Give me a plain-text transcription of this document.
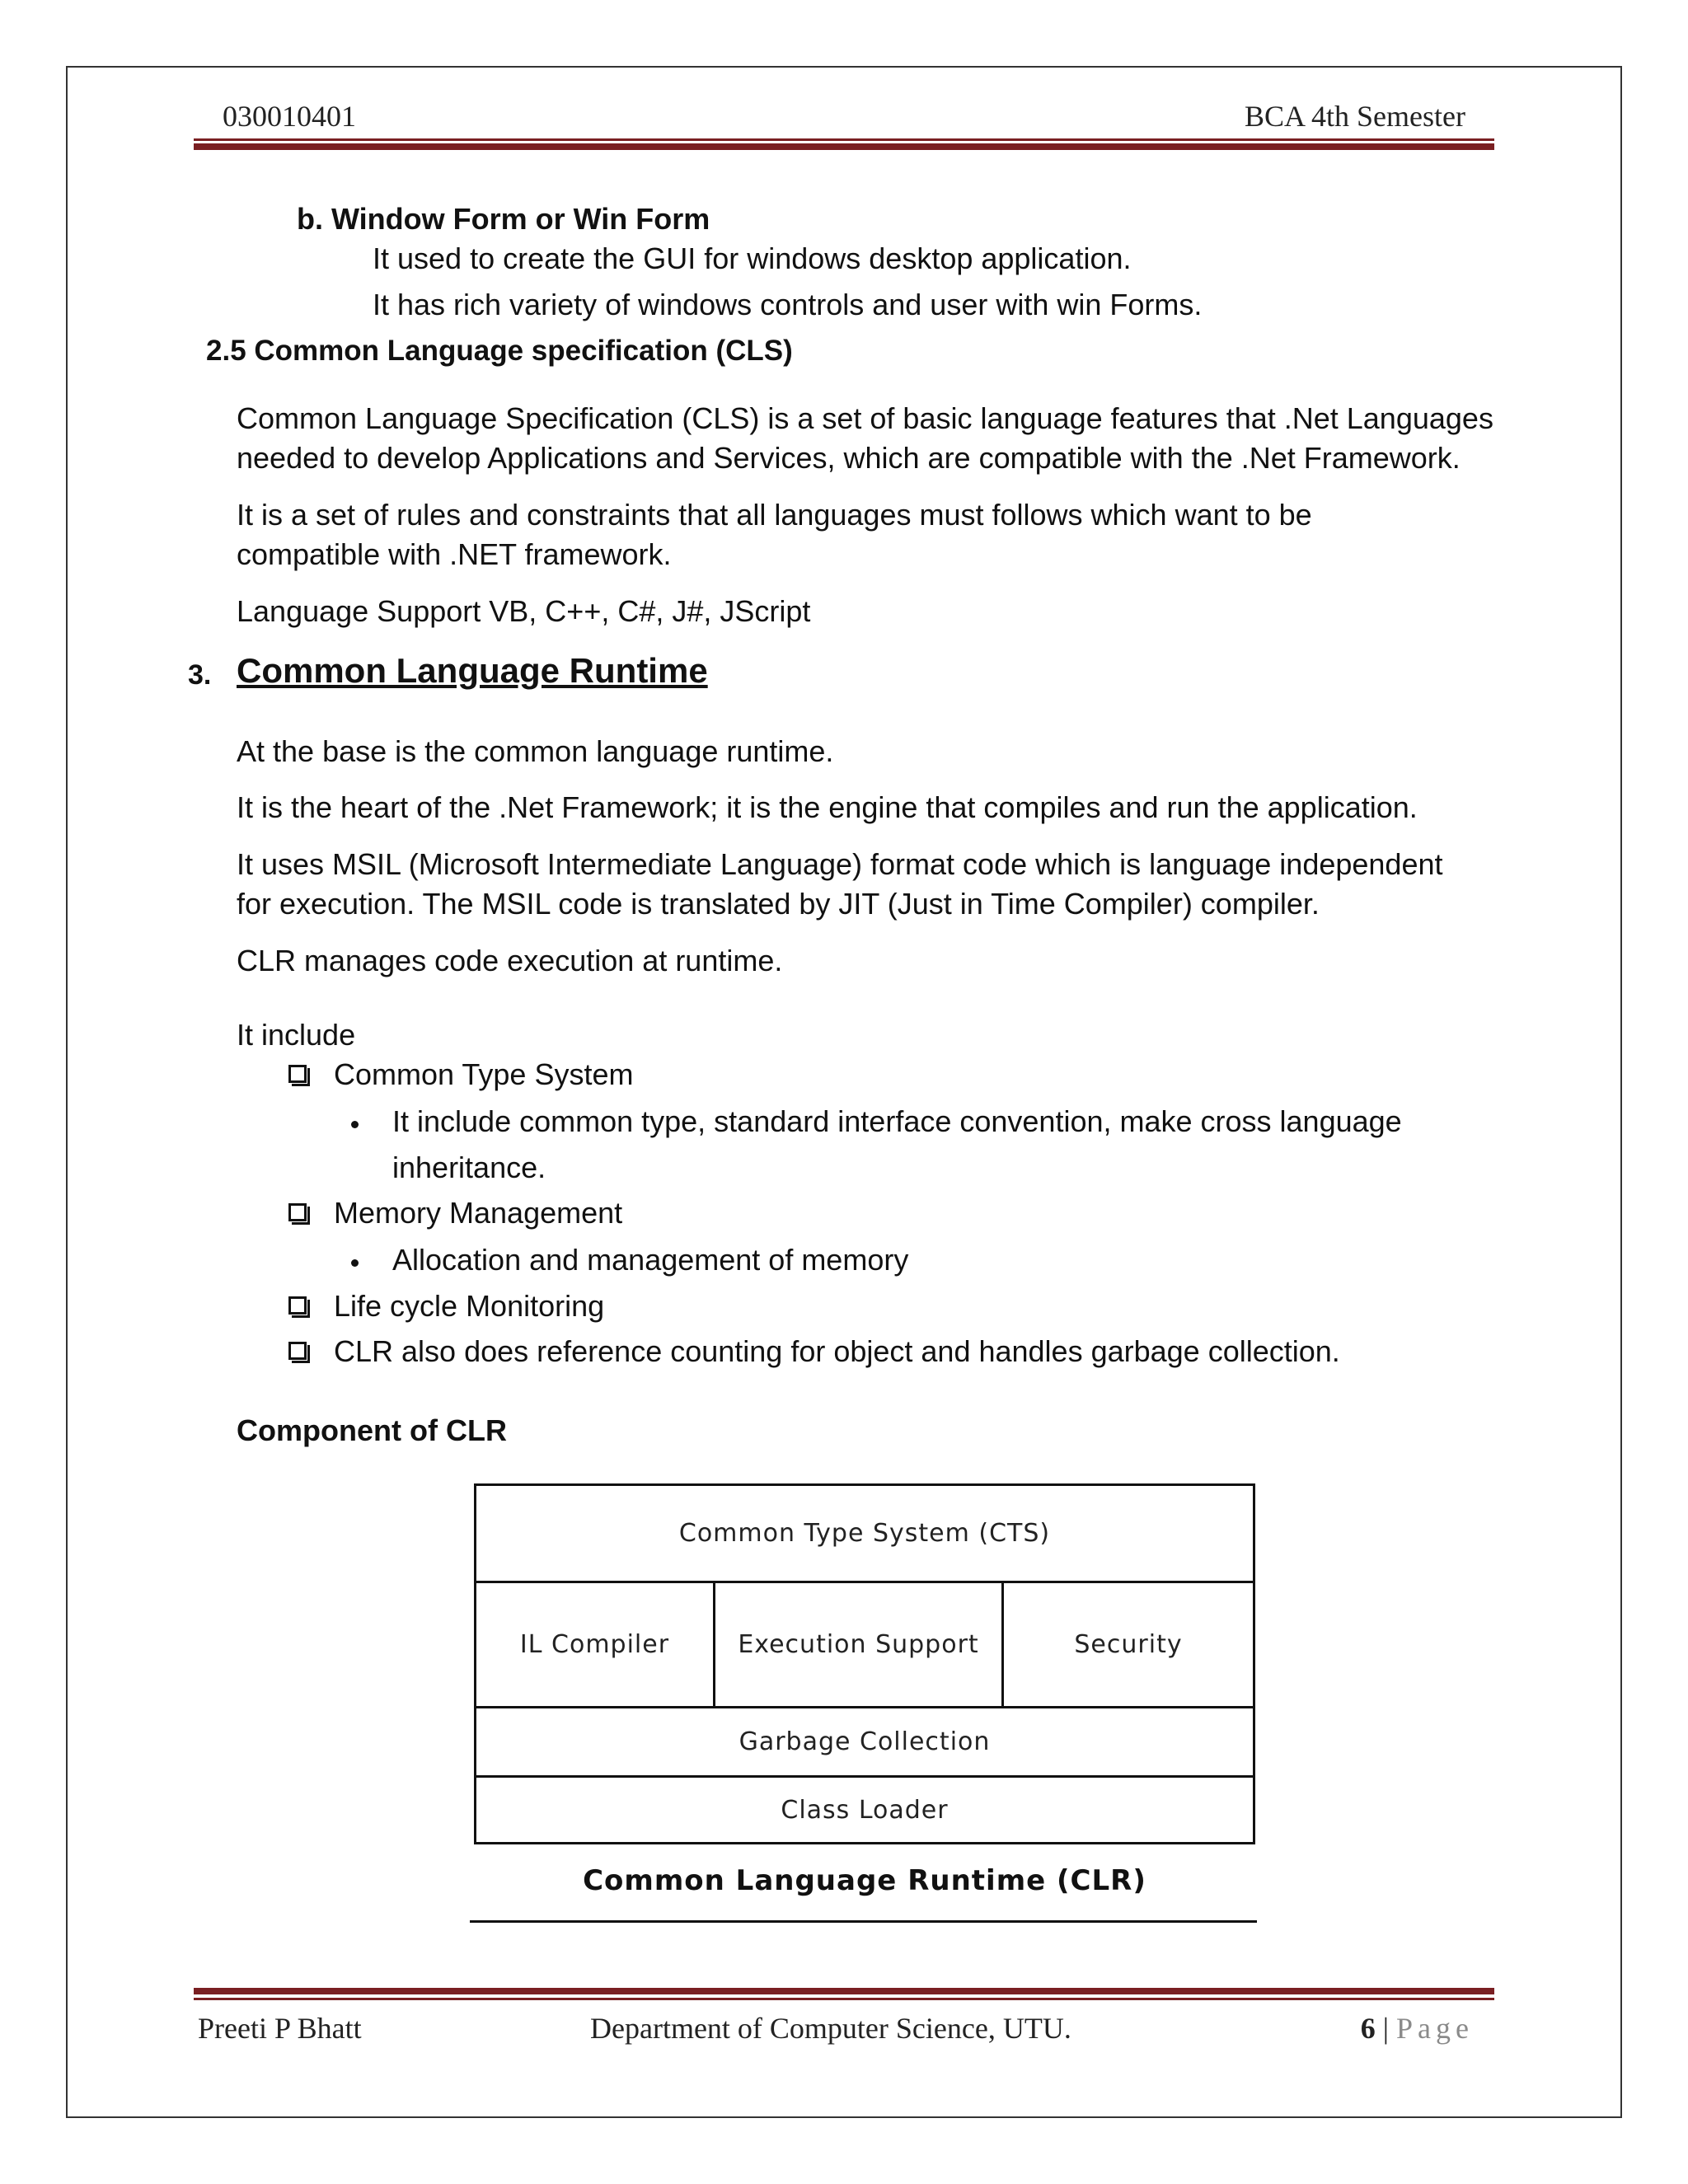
030010401	BCA 4th Semester
b. Window Form or Win Form
It used to create the GUI for windows desktop application.
It has rich variety of windows controls and user with win Forms.
2.5 Common Language specification (CLS)
Common Language Specification (CLS) is a set of basic language features that .Net Languages
needed to develop Applications and Services, which are compatible with the .Net Framework.
It is a set of rules and constraints that all languages must follows which want to be
compatible with .NET framework.
Language Support VB, C++, C#, J#, JScript
3. Common Language Runtime
At the base is the common language runtime.
It is the heart of the .Net Framework; it is the engine that compiles and run the application.
It uses MSIL (Microsoft Intermediate Language) format code which is language independent
for execution. The MSIL code is translated by JIT (Just in Time Compiler) compiler.
CLR manages code execution at runtime.
It include
Common Type System
It include common type, standard interface convention, make cross language
inheritance.
Memory Management
Allocation and management of memory
Life cycle Monitoring
CLR also does reference counting for object and handles garbage collection.
Component of CLR
Common Type System (CTS)
IL Compiler	Execution Support	Security
Garbage Collection
Class Loader
Common Language Runtime (CLR)
Preeti P Bhatt	Department of Computer Science, UTU.	6 | Page
